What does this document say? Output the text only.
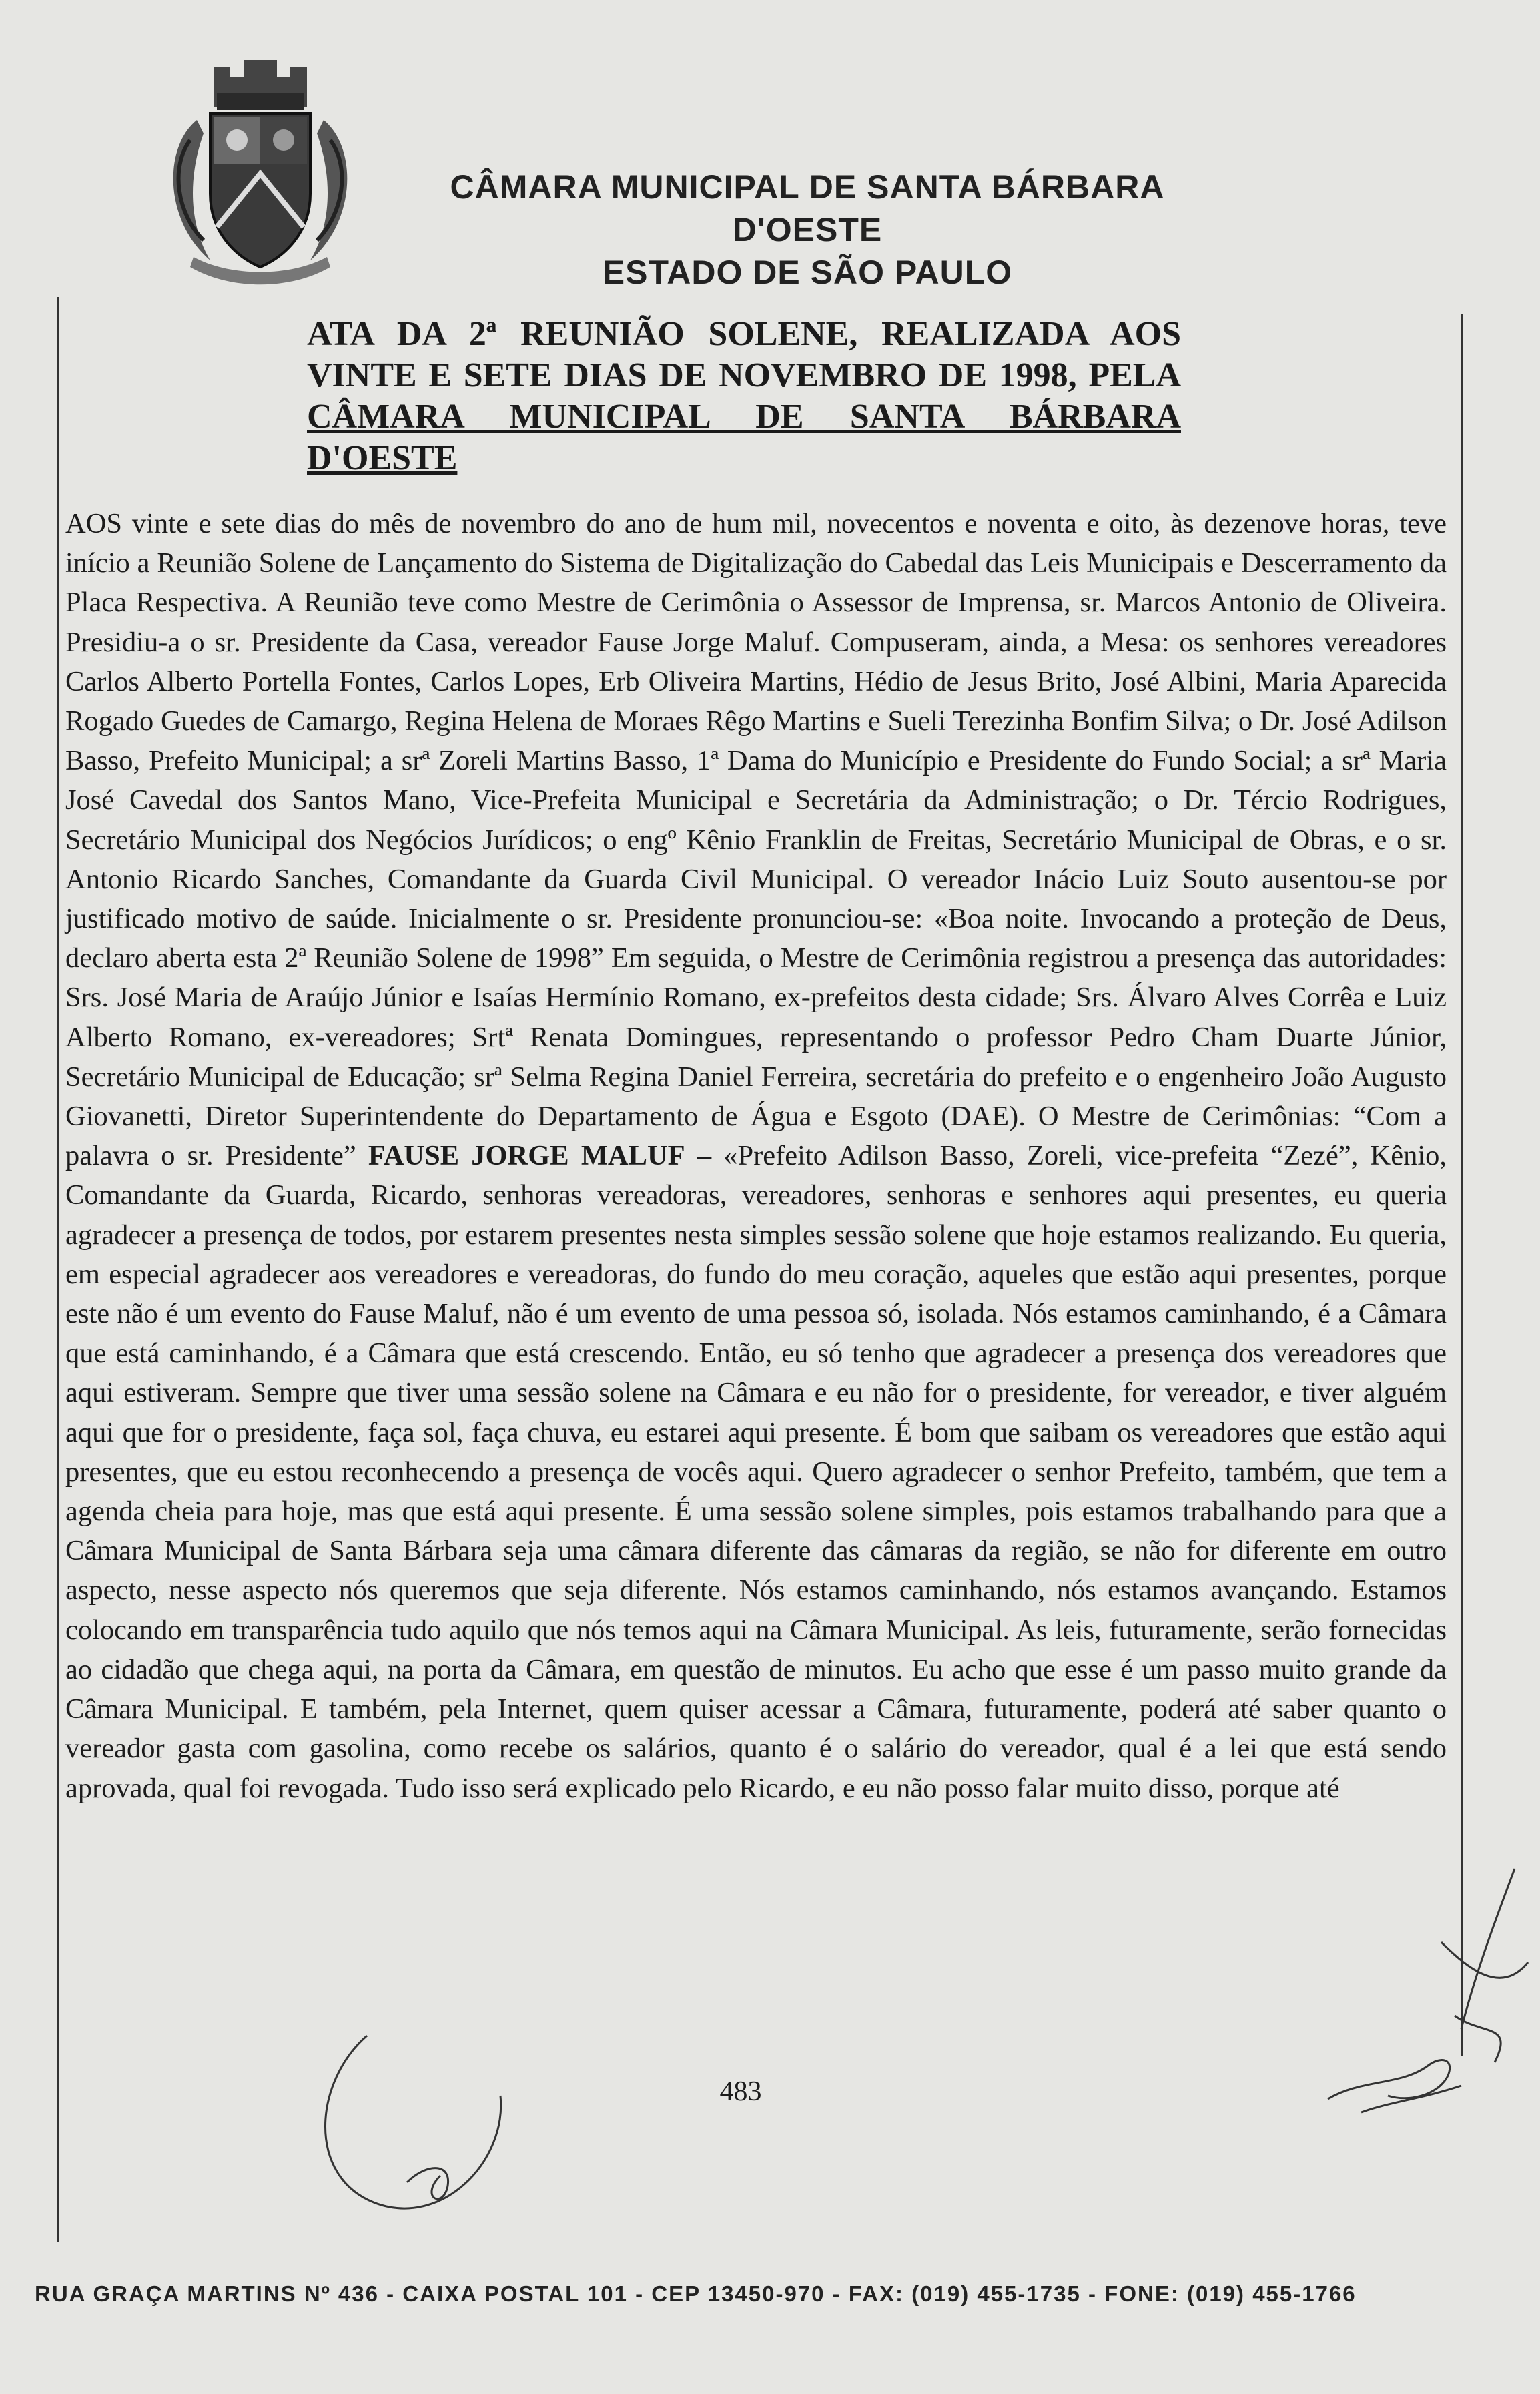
CÂMARA MUNICIPAL DE SANTA BÁRBARA D'OESTE
ESTADO DE SÃO PAULO
ATA DA 2ª REUNIÃO SOLENE, REALIZADA AOS
VINTE E SETE DIAS DE NOVEMBRO DE 1998, PELA
CÂMARA MUNICIPAL DE SANTA BÁRBARA D'OESTE
AOS vinte e sete dias do mês de novembro do ano de hum mil, novecentos e noventa e oito, às dezenove horas, teve início a Reunião Solene de Lançamento do Sistema de Digitalização do Cabedal das Leis Municipais e Descerramento da Placa Respectiva. A Reunião teve como Mestre de Cerimônia o Assessor de Imprensa, sr. Marcos Antonio de Oliveira. Presidiu-a o sr. Presidente da Casa, vereador Fause Jorge Maluf. Compuseram, ainda, a Mesa: os senhores vereadores Carlos Alberto Portella Fontes, Carlos Lopes, Erb Oliveira Martins, Hédio de Jesus Brito, José Albini, Maria Aparecida Rogado Guedes de Camargo, Regina Helena de Moraes Rêgo Martins e Sueli Terezinha Bonfim Silva; o Dr. José Adilson Basso, Prefeito Municipal; a srª Zoreli Martins Basso, 1ª Dama do Município e Presidente do Fundo Social; a srª Maria José Cavedal dos Santos Mano, Vice-Prefeita Municipal e Secretária da Administração; o Dr. Tércio Rodrigues, Secretário Municipal dos Negócios Jurídicos; o engº Kênio Franklin de Freitas, Secretário Municipal de Obras, e o sr. Antonio Ricardo Sanches, Comandante da Guarda Civil Municipal. O vereador Inácio Luiz Souto ausentou-se por justificado motivo de saúde. Inicialmente o sr. Presidente pronunciou-se: «Boa noite. Invocando a proteção de Deus, declaro aberta esta 2ª Reunião Solene de 1998” Em seguida, o Mestre de Cerimônia registrou a presença das autoridades: Srs. José Maria de Araújo Júnior e Isaías Hermínio Romano, ex-prefeitos desta cidade; Srs. Álvaro Alves Corrêa e Luiz Alberto Romano, ex-vereadores; Srtª Renata Domingues, representando o professor Pedro Cham Duarte Júnior, Secretário Municipal de Educação; srª Selma Regina Daniel Ferreira, secretária do prefeito e o engenheiro João Augusto Giovanetti, Diretor Superintendente do Departamento de Água e Esgoto (DAE). O Mestre de Cerimônias: “Com a palavra o sr. Presidente” FAUSE JORGE MALUF – «Prefeito Adilson Basso, Zoreli, vice-prefeita “Zezé”, Kênio, Comandante da Guarda, Ricardo, senhoras vereadoras, vereadores, senhoras e senhores aqui presentes, eu queria agradecer a presença de todos, por estarem presentes nesta simples sessão solene que hoje estamos realizando. Eu queria, em especial agradecer aos vereadores e vereadoras, do fundo do meu coração, aqueles que estão aqui presentes, porque este não é um evento do Fause Maluf, não é um evento de uma pessoa só, isolada. Nós estamos caminhando, é a Câmara que está caminhando, é a Câmara que está crescendo. Então, eu só tenho que agradecer a presença dos vereadores que aqui estiveram. Sempre que tiver uma sessão solene na Câmara e eu não for o presidente, for vereador, e tiver alguém aqui que for o presidente, faça sol, faça chuva, eu estarei aqui presente. É bom que saibam os vereadores que estão aqui presentes, que eu estou reconhecendo a presença de vocês aqui. Quero agradecer o senhor Prefeito, também, que tem a agenda cheia para hoje, mas que está aqui presente. É uma sessão solene simples, pois estamos trabalhando para que a Câmara Municipal de Santa Bárbara seja uma câmara diferente das câmaras da região, se não for diferente em outro aspecto, nesse aspecto nós queremos que seja diferente. Nós estamos caminhando, nós estamos avançando. Estamos colocando em transparência tudo aquilo que nós temos aqui na Câmara Municipal. As leis, futuramente, serão fornecidas ao cidadão que chega aqui, na porta da Câmara, em questão de minutos. Eu acho que esse é um passo muito grande da Câmara Municipal. E também, pela Internet, quem quiser acessar a Câmara, futuramente, poderá até saber quanto o vereador gasta com gasolina, como recebe os salários, quanto é o salário do vereador, qual é a lei que está sendo aprovada, qual foi revogada. Tudo isso será explicado pelo Ricardo, e eu não posso falar muito disso, porque até
483
RUA GRAÇA MARTINS Nº 436 - CAIXA POSTAL 101 - CEP 13450-970 - FAX: (019) 455-1735 - FONE: (019) 455-1766
